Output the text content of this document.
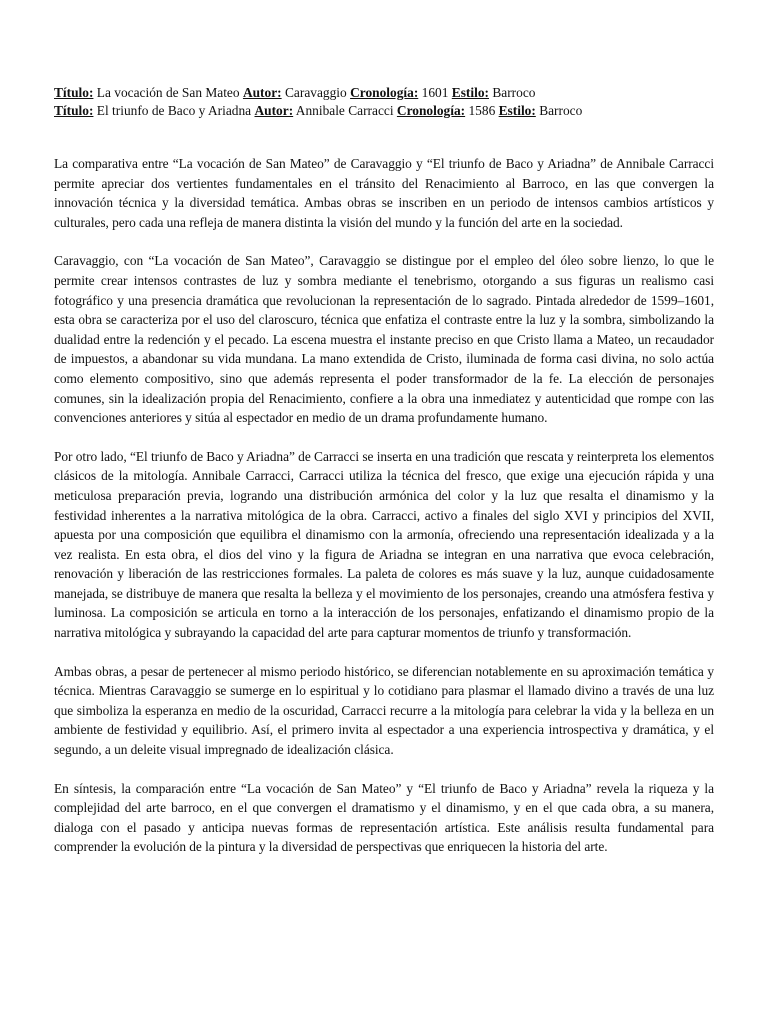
Título: La vocación de San Mateo Autor: Caravaggio Cronología: 1601 Estilo: Barroco
Título: El triunfo de Baco y Ariadna Autor: Annibale Carracci Cronología: 1586 Estilo: Barroco

La comparativa entre “La vocación de San Mateo” de Caravaggio y “El triunfo de Baco y Ariadna” de Annibale Carracci permite apreciar dos vertientes fundamentales en el tránsito del Renacimiento al Barroco, en las que convergen la innovación técnica y la diversidad temática. Ambas obras se inscriben en un periodo de intensos cambios artísticos y culturales, pero cada una refleja de manera distinta la visión del mundo y la función del arte en la sociedad.

Caravaggio, con “La vocación de San Mateo”, Caravaggio se distingue por el empleo del óleo sobre lienzo, lo que le permite crear intensos contrastes de luz y sombra mediante el tenebrismo, otorgando a sus figuras un realismo casi fotográfico y una presencia dramática que revolucionan la representación de lo sagrado. Pintada alrededor de 1599–1601, esta obra se caracteriza por el uso del claroscuro, técnica que enfatiza el contraste entre la luz y la sombra, simbolizando la dualidad entre la redención y el pecado. La escena muestra el instante preciso en que Cristo llama a Mateo, un recaudador de impuestos, a abandonar su vida mundana. La mano extendida de Cristo, iluminada de forma casi divina, no solo actúa como elemento compositivo, sino que además representa el poder transformador de la fe. La elección de personajes comunes, sin la idealización propia del Renacimiento, confiere a la obra una inmediatez y autenticidad que rompe con las convenciones anteriores y sitúa al espectador en medio de un drama profundamente humano.

Por otro lado, “El triunfo de Baco y Ariadna” de Carracci se inserta en una tradición que rescata y reinterpreta los elementos clásicos de la mitología. Annibale Carracci, Carracci utiliza la técnica del fresco, que exige una ejecución rápida y una meticulosa preparación previa, logrando una distribución armónica del color y la luz que resalta el dinamismo y la festividad inherentes a la narrativa mitológica de la obra. Carracci, activo a finales del siglo XVI y principios del XVII, apuesta por una composición que equilibra el dinamismo con la armonía, ofreciendo una representación idealizada y a la vez realista. En esta obra, el dios del vino y la figura de Ariadna se integran en una narrativa que evoca celebración, renovación y liberación de las restricciones formales. La paleta de colores es más suave y la luz, aunque cuidadosamente manejada, se distribuye de manera que resalta la belleza y el movimiento de los personajes, creando una atmósfera festiva y luminosa. La composición se articula en torno a la interacción de los personajes, enfatizando el dinamismo propio de la narrativa mitológica y subrayando la capacidad del arte para capturar momentos de triunfo y transformación.

Ambas obras, a pesar de pertenecer al mismo periodo histórico, se diferencian notablemente en su aproximación temática y técnica. Mientras Caravaggio se sumerge en lo espiritual y lo cotidiano para plasmar el llamado divino a través de una luz que simboliza la esperanza en medio de la oscuridad, Carracci recurre a la mitología para celebrar la vida y la belleza en un ambiente de festividad y equilibrio. Así, el primero invita al espectador a una experiencia introspectiva y dramática, y el segundo, a un deleite visual impregnado de idealización clásica.

En síntesis, la comparación entre “La vocación de San Mateo” y “El triunfo de Baco y Ariadna” revela la riqueza y la complejidad del arte barroco, en el que convergen el dramatismo y el dinamismo, y en el que cada obra, a su manera, dialoga con el pasado y anticipa nuevas formas de representación artística. Este análisis resulta fundamental para comprender la evolución de la pintura y la diversidad de perspectivas que enriquecen la historia del arte.
